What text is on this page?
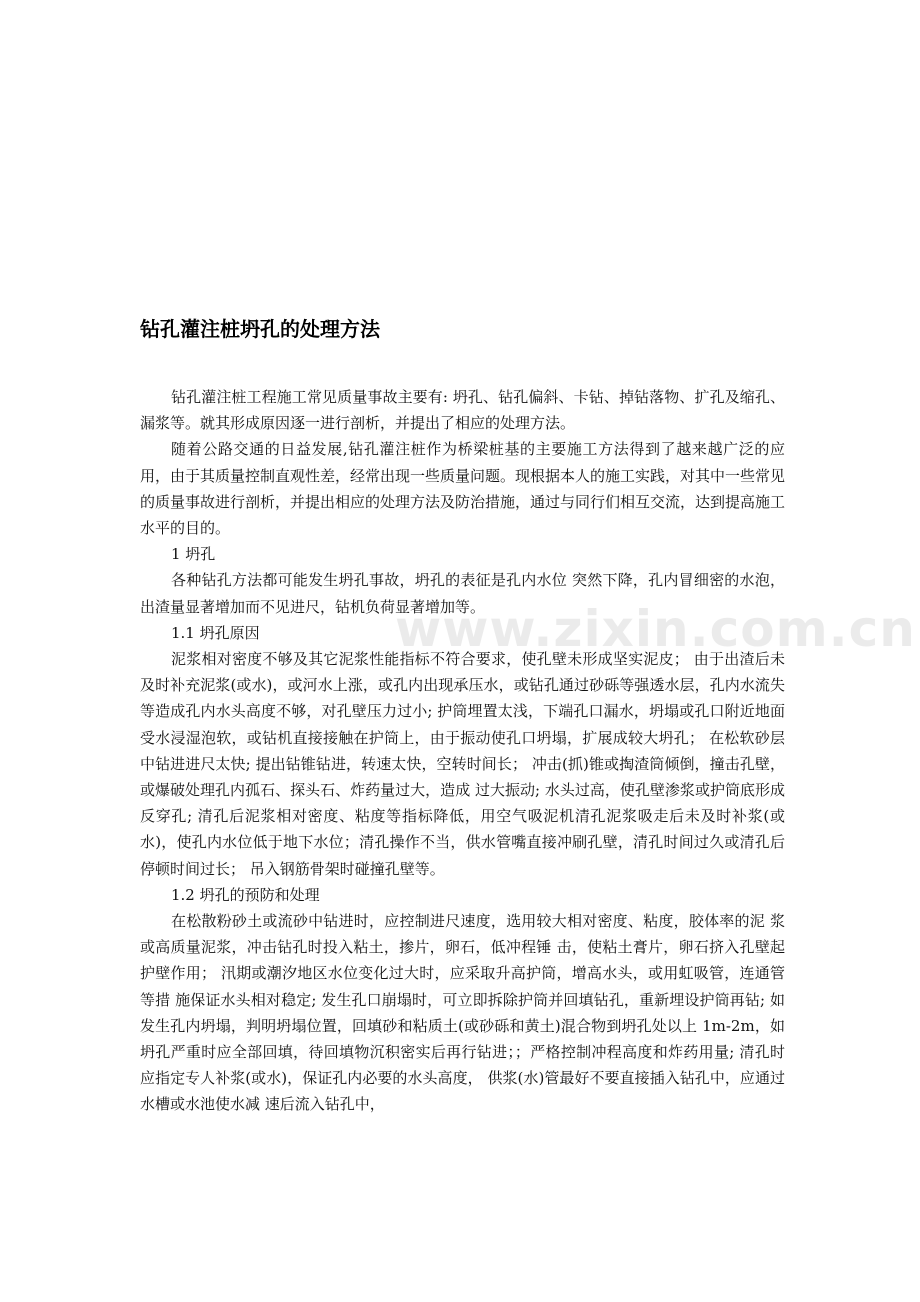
钻孔灌注桩坍孔的处理方法

钻孔灌注桩工程施工常见质量事故主要有: 坍孔、钻孔偏斜、卡钻、掉钻落物、扩孔及缩孔、漏浆等。就其形成原因逐一进行剖析，并提出了相应的处理方法。

随着公路交通的日益发展,钻孔灌注桩作为桥梁桩基的主要施工方法得到了越来越广泛的应用，由于其质量控制直观性差，经常出现一些质量问题。现根据本人的施工实践，对其中一些常见的质量事故进行剖析，并提出相应的处理方法及防治措施，通过与同行们相互交流，达到提高施工水平的目的。

1 坍孔

各种钻孔方法都可能发生坍孔事故，坍孔的表征是孔内水位 突然下降，孔内冒细密的水泡，出渣量显著增加而不见进尺，钻机负荷显著增加等。

1.1 坍孔原因

泥浆相对密度不够及其它泥浆性能指标不符合要求，使孔壁未形成坚实泥皮； 由于出渣后未及时补充泥浆(或水)，或河水上涨，或孔内出现承压水，或钻孔通过砂砾等强透水层，孔内水流失等造成孔内水头高度不够，对孔壁压力过小; 护筒埋置太浅，下端孔口漏水，坍塌或孔口附近地面受水浸湿泡软，或钻机直接接触在护筒上，由于振动使孔口坍塌，扩展成较大坍孔； 在松软砂层中钻进进尺太快; 提出钻锥钻进，转速太快，空转时间长； 冲击(抓)锥或掏渣筒倾倒，撞击孔壁，或爆破处理孔内孤石、探头石、炸药量过大，造成 过大振动; 水头过高，使孔壁渗浆或护筒底形成反穿孔; 清孔后泥浆相对密度、粘度等指标降低，用空气吸泥机清孔泥浆吸走后未及时补浆(或 水)，使孔内水位低于地下水位；清孔操作不当，供水管嘴直接冲刷孔壁，清孔时间过久或清孔后停顿时间过长； 吊入钢筋骨架时碰撞孔壁等。

1.2 坍孔的预防和处理

在松散粉砂土或流砂中钻进时，应控制进尺速度，选用较大相对密度、粘度，胶体率的泥 浆或高质量泥浆，冲击钻孔时投入粘土，掺片，卵石，低冲程锤 击，使粘土膏片，卵石挤入孔壁起护壁作用； 汛期或潮汐地区水位变化过大时，应采取升高护筒，增高水头，或用虹吸管，连通管等措 施保证水头相对稳定; 发生孔口崩塌时，可立即拆除护筒并回填钻孔，重新埋设护筒再钻; 如发生孔内坍塌，判明坍塌位置，回填砂和粘质土(或砂砾和黄土)混合物到坍孔处以上 1m-2m，如坍孔严重时应全部回填，待回填物沉积密实后再行钻进；；严格控制冲程高度和炸药用量; 清孔时应指定专人补浆(或水)，保证孔内必要的水头高度， 供浆(水)管最好不要直接插入钻孔中，应通过水槽或水池使水减 速后流入钻孔中，

www.zixin.com.cn
